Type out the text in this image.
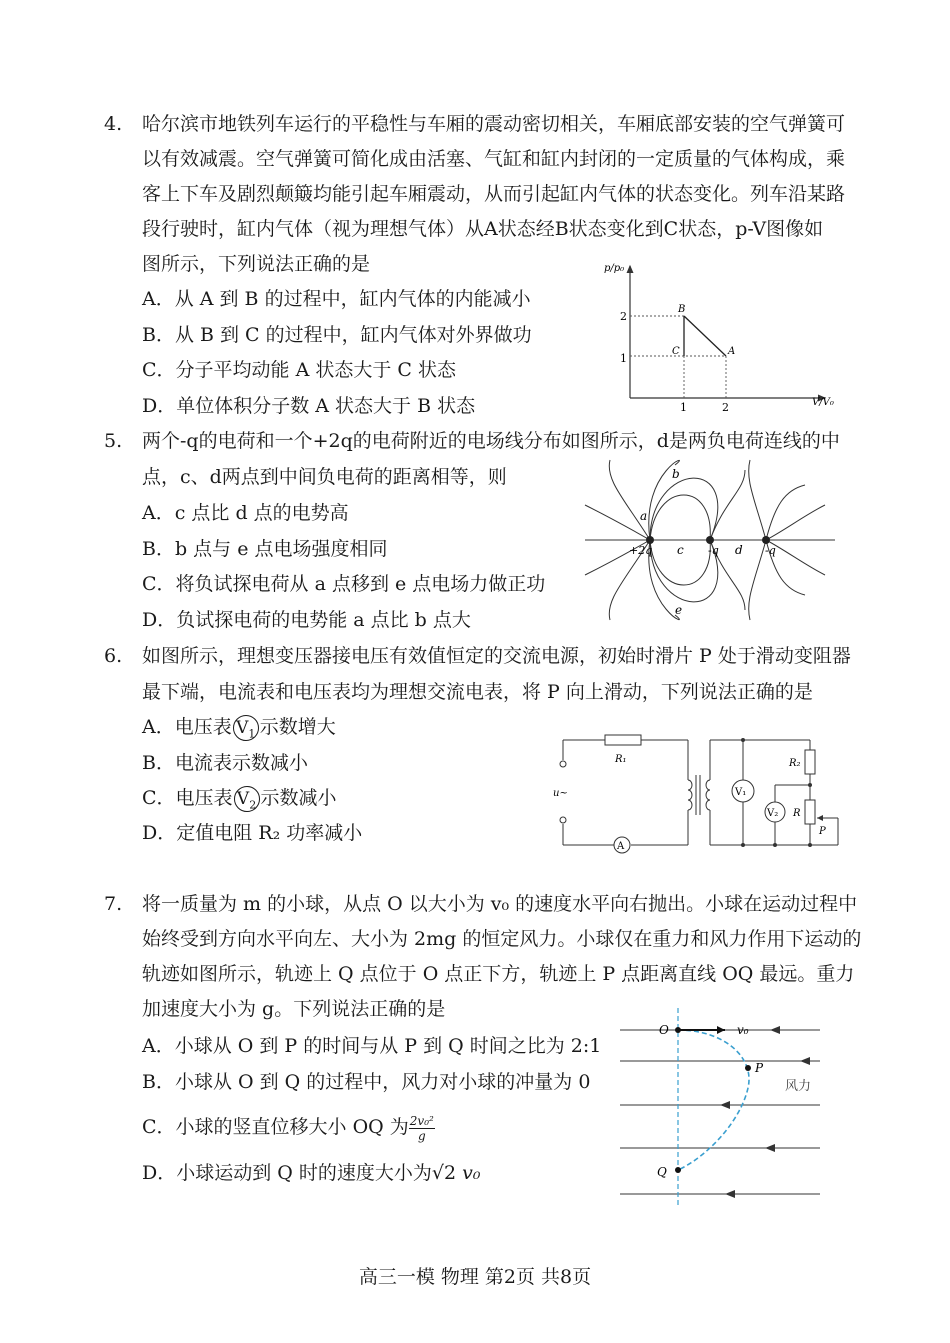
4. 哈尔滨市地铁列车运行的平稳性与车厢的震动密切相关，车厢底部安装的空气弹簧可
以有效减震。空气弹簧可简化成由活塞、气缸和缸内封闭的一定质量的气体构成，乘
客上下车及剧烈颠簸均能引起车厢震动，从而引起缸内气体的状态变化。列车沿某路
段行驶时，缸内气体（视为理想气体）从A状态经B状态变化到C状态，p-V图像如
图所示，下列说法正确的是
A．从 A 到 B 的过程中，缸内气体的内能减小
B．从 B 到 C 的过程中，缸内气体对外界做功
C．分子平均动能 A 状态大于 C 状态
D．单位体积分子数 A 状态大于 B 状态
p/p₀
V/V₀
2
1
1	2
B
C	A
5. 两个-q的电荷和一个+2q的电荷附近的电场线分布如图所示，d是两负电荷连线的中
点，c、d两点到中间负电荷的距离相等，则
A．c 点比 d 点的电势高
B．b 点与 e 点电场强度相同
C．将负试探电荷从 a 点移到 e 点电场力做正功
D．负试探电荷的电势能 a 点比 b 点大
b
a
+2q c -q d -q
e
6. 如图所示，理想变压器接电压有效值恒定的交流电源，初始时滑片 P 处于滑动变阻器
最下端，电流表和电压表均为理想交流电表，将 P 向上滑动，下列说法正确的是
A．电压表 $V_1$ 示数增大
B．电流表示数减小
C．电压表 $V_2$ 示数减小
D．定值电阻 R₂ 功率减小
R₁
u~
A
V₁
V₂
R₂
R
P
7. 将一质量为 m 的小球，从点 O 以大小为 v₀ 的速度水平向右抛出。小球在运动过程中
始终受到方向水平向左、大小为 2mg 的恒定风力。小球仅在重力和风力作用下运动的
轨迹如图所示，轨迹上 Q 点位于 O 点正下方，轨迹上 P 点距离直线 OQ 最远。重力
加速度大小为 g。下列说法正确的是
A．小球从 O 到 P 的时间与从 P 到 Q 时间之比为 2:1
B．小球从 O 到 Q 的过程中，风力对小球的冲量为 0
C．小球的竖直位移大小 OQ 为 $\frac{\text{2v₀²}}{g}$
D．小球运动到 Q 时的速度大小为√2 v₀
O	v₀
P
风力
Q
高三一模 物理 第2页 共8页
